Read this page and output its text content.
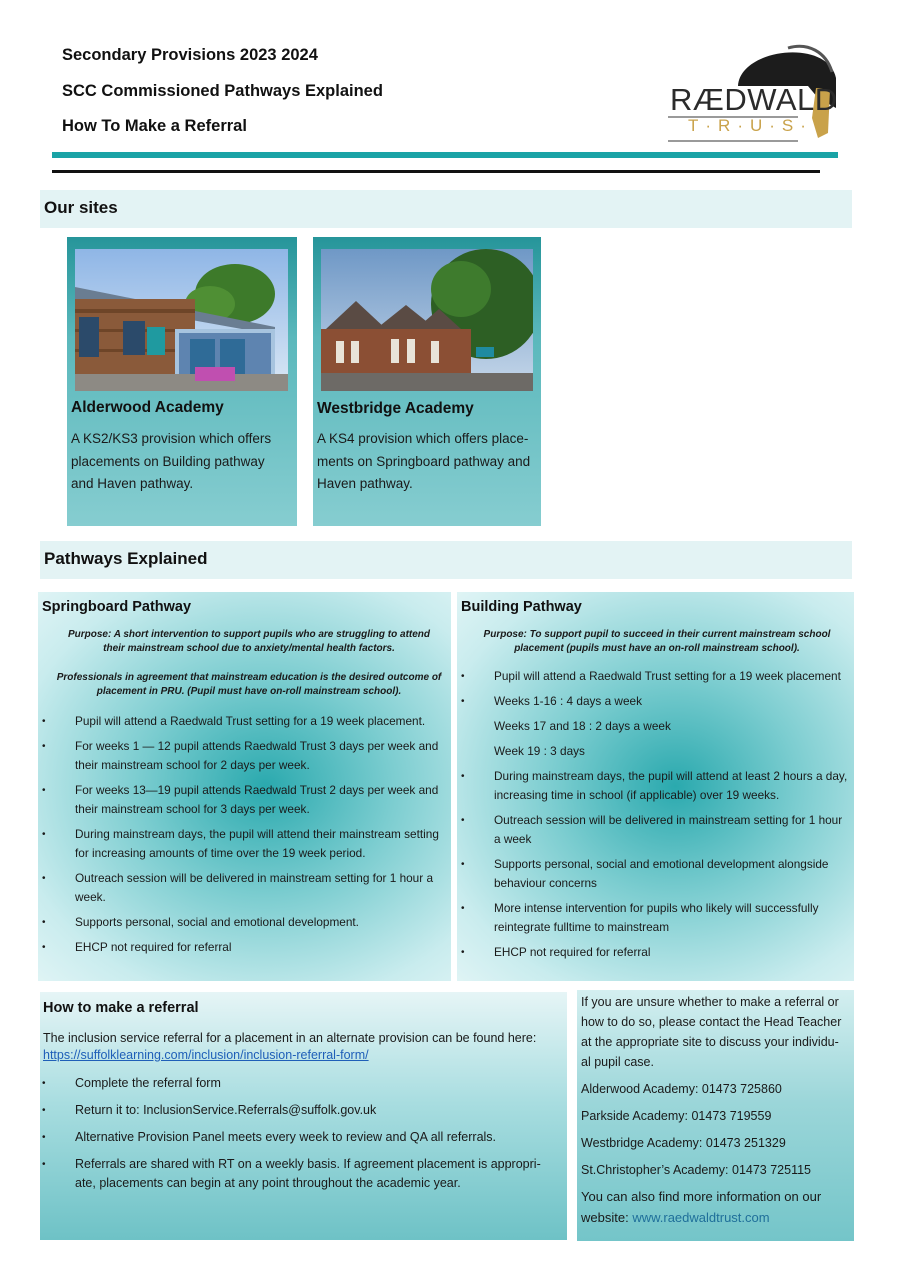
Secondary Provisions 2023 2024
SCC Commissioned Pathways Explained
How To Make a Referral
RÆDWALD
T·R·U·S·T
Our sites
Alderwood Academy
A KS2/KS3 provision which offers
placements on Building pathway
and Haven pathway.
Westbridge Academy
A KS4 provision which offers place-
ments on Springboard pathway and
Haven pathway.
Pathways Explained
Springboard Pathway
Purpose: A short intervention to support pupils who are struggling to attend their mainstream school due to anxiety/mental health factors.
Professionals in agreement that mainstream education is the desired outcome of placement in PRU. (Pupil must have on-roll mainstream school).
• Pupil will attend a Raedwald Trust setting for a 19 week placement.
• For weeks 1 — 12 pupil attends Raedwald Trust 3 days per week and their mainstream school for 2 days per week.
• For weeks 13—19 pupil attends Raedwald Trust 2 days per week and their mainstream school for 3 days per week.
• During mainstream days, the pupil will attend their mainstream setting for increasing amounts of time over the 19 week period.
• Outreach session will be delivered in mainstream setting for 1 hour a week.
• Supports personal, social and emotional development.
• EHCP not required for referral
Building Pathway
Purpose: To support pupil to succeed in their current mainstream school placement (pupils must have an on-roll mainstream school).
• Pupil will attend a Raedwald Trust setting for a 19 week placement
• Weeks 1-16 : 4 days a week
Weeks 17 and 18 : 2 days a week
Week 19 : 3 days
• During mainstream days, the pupil will attend at least 2 hours a day, increasing time in school (if applicable) over 19 weeks.
• Outreach session will be delivered in mainstream setting for 1 hour a week
• Supports personal, social and emotional development alongside behaviour concerns
• More intense intervention for pupils who likely will successfully reintegrate fulltime to mainstream
• EHCP not required for referral
How to make a referral
The inclusion service referral for a placement in an alternate provision can be found here:
https://suffolklearning.com/inclusion/inclusion-referral-form/
• Complete the referral form
• Return it to: InclusionService.Referrals@suffolk.gov.uk
• Alternative Provision Panel meets every week to review and QA all referrals.
• Referrals are shared with RT on a weekly basis. If agreement placement is appropri-ate, placements can begin at any point throughout the academic year.
If you are unsure whether to make a referral or
how to do so, please contact the Head Teacher
at the appropriate site to discuss your individu-
al pupil case.
Alderwood Academy: 01473 725860
Parkside Academy: 01473 719559
Westbridge Academy: 01473 251329
St.Christopher’s Academy: 01473 725115
You can also find more information on our
website: www.raedwaldtrust.com
